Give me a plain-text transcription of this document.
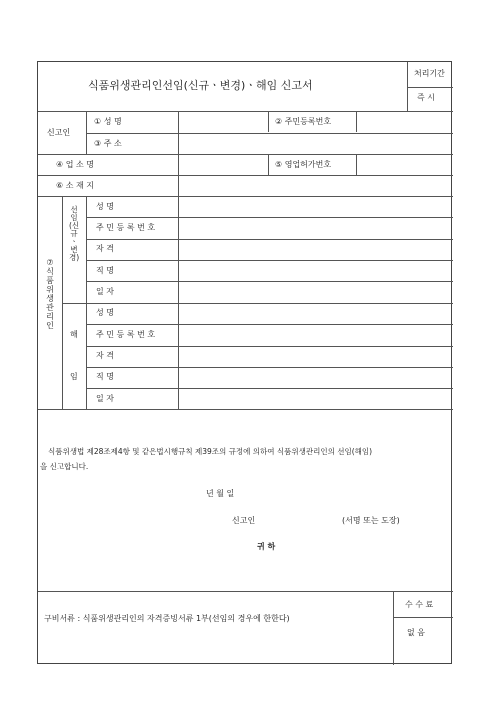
식품위생관리인선임(신규ㆍ변경)ㆍ해임 신고서
처리기간
즉 시
신고인
① 성 명	② 주민등록번호
③ 주 소
④ 업 소 명	⑤ 영업허가번호
⑥ 소 재 지
⑦식품위생관리인
선임(신규ㆍ변경)
해
임
성 명
주 민 등 록 번 호
자 격
직 명
일 자
성 명
주 민 등 록 번 호
자 격
직 명
일 자
식품위생법 제28조제4항 및 같은법시행규칙 제39조의 규정에 의하여 식품위생관리인의 선임(해임)
을 신고합니다.
년 월 일
신고인	(서명 또는 도장)
귀 하
구비서류 : 식품위생관리인의 자격증빙서류 1부(선임의 경우에 한한다)
수 수 료
없 음
